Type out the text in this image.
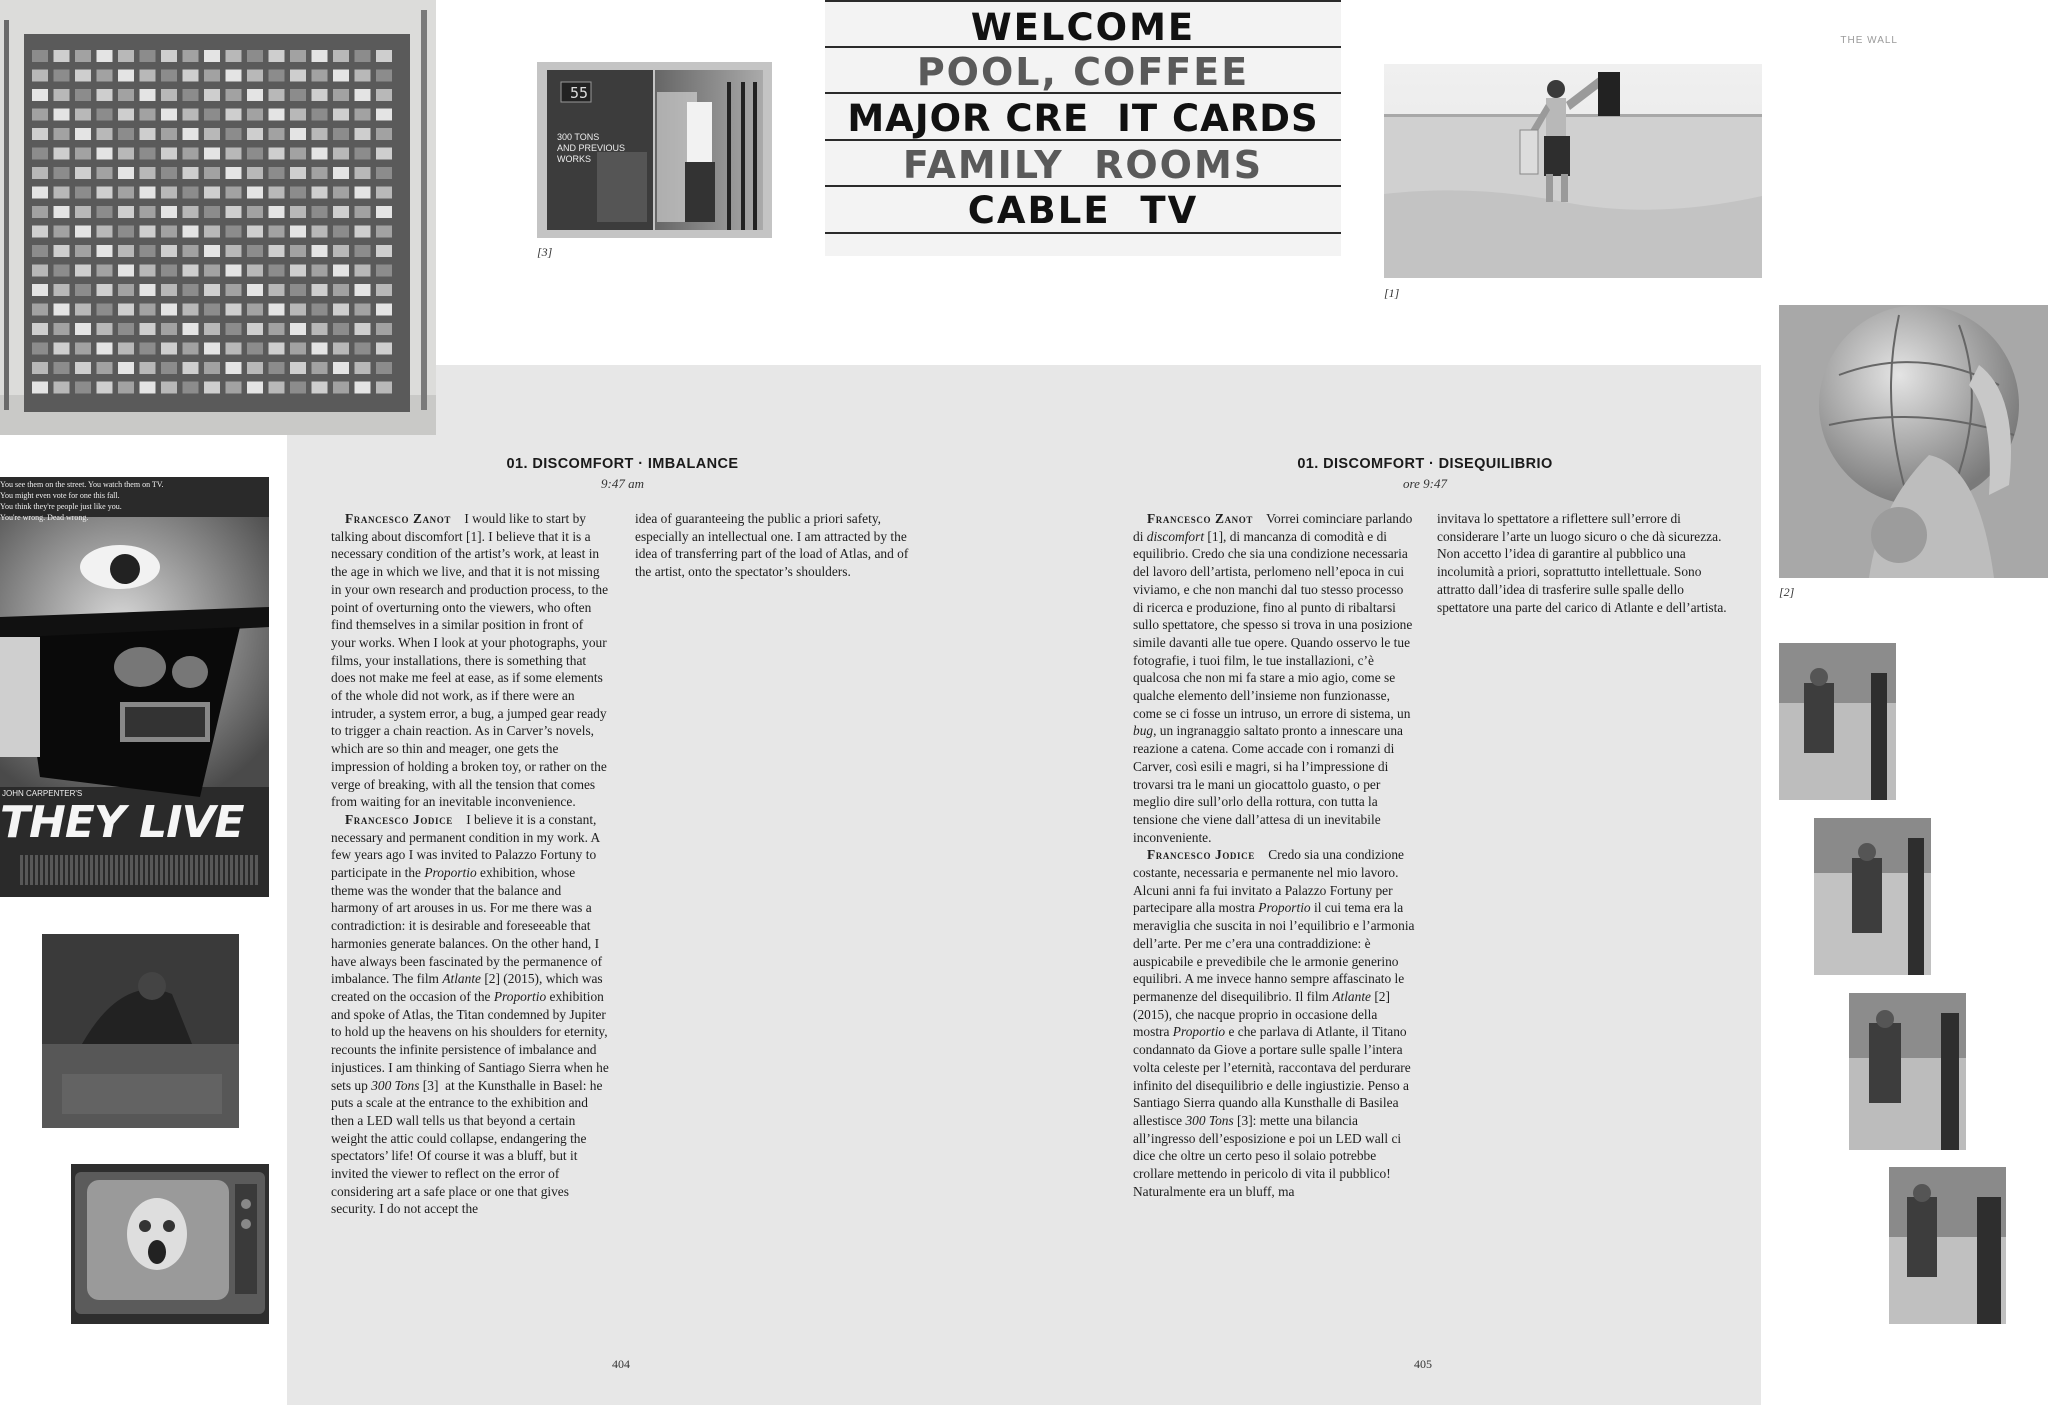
THE WALL
55
300 TONS
AND PREVIOUS
WORKS
[3]
WELCOME
POOL, COFFEE
MAJOR CRE  IT CARDS
FAMILY  ROOMS
CABLE  TV
[1]
[2]
You see them on the street. You watch them on TV.
You might even vote for one this fall.
You think they're people just like you.
You're wrong. Dead wrong.
JOHN CARPENTER'S
THEY LIVE
01. DISCOMFORT · IMBALANCE
9:47 am

Francesco Zanot    I would like to start by talking about discomfort [1]. I believe that it is a necessary condition of the artist’s work, at least in the age in which we live, and that it is not missing in your own research and production process, to the point of overturning onto the viewers, who often find themselves in a similar position in front of your works. When I look at your photographs, your films, your installations, there is something that does not make me feel at ease, as if some elements of the whole did not work, as if there were an intruder, a system error, a bug, a jumped gear ready to trigger a chain reaction. As in Carver’s novels, which are so thin and meager, one gets the impression of holding a broken toy, or rather on the verge of breaking, with all the tension that comes from waiting for an inevitable inconvenience.

Francesco Jodice    I believe it is a constant, necessary and permanent condition in my work. A few years ago I was invited to Palazzo Fortuny to participate in the Proportio exhibition, whose theme was the wonder that the balance and harmony of art arouses in us. For me there was a contradiction: it is desirable and foreseeable that harmonies generate balances. On the other hand, I have always been fascinated by the permanence of imbalance. The film Atlante [2] (2015), which was created on the occasion of the Proportio exhibition and spoke of Atlas, the Titan condemned by Jupiter to hold up the heavens on his shoulders for eternity, recounts the infinite persistence of imbalance and injustices. I am thinking of Santiago Sierra when he sets up 300 Tons [3]  at the Kunsthalle in Basel: he puts a scale at the entrance to the exhibition and then a LED wall tells us that beyond a certain weight the attic could collapse, endangering the spectators’ life! Of course it was a bluff, but it invited the viewer to reflect on the error of considering art a safe place or one that gives security. I do not accept the

idea of guaranteeing the public a priori safety, especially an intellectual one. I am attracted by the idea of transferring part of the load of Atlas, and of the artist, onto the spectator’s shoulders.

404
01. DISCOMFORT · DISEQUILIBRIO
ore 9:47

Francesco Zanot    Vorrei cominciare parlando di discomfort [1], di mancanza di comodità e di equilibrio. Credo che sia una condizione necessaria del lavoro dell’artista, perlomeno nell’epoca in cui viviamo, e che non manchi dal tuo stesso processo di ricerca e produzione, fino al punto di ribaltarsi sullo spettatore, che spesso si trova in una posizione simile davanti alle tue opere. Quando osservo le tue fotografie, i tuoi film, le tue installazioni, c’è qualcosa che non mi fa stare a mio agio, come se qualche elemento dell’insieme non funzionasse, come se ci fosse un intruso, un errore di sistema, un bug, un ingranaggio saltato pronto a innescare una reazione a catena. Come accade con i romanzi di Carver, così esili e magri, si ha l’impressione di trovarsi tra le mani un giocattolo guasto, o per meglio dire sull’orlo della rottura, con tutta la tensione che viene dall’attesa di un inevitabile inconveniente.

Francesco Jodice    Credo sia una condizione costante, necessaria e permanente nel mio lavoro. Alcuni anni fa fui invitato a Palazzo Fortuny per partecipare alla mostra Proportio il cui tema era la meraviglia che suscita in noi l’equilibrio e l’armonia dell’arte. Per me c’era una contraddizione: è auspicabile e prevedibile che le armonie generino equilibri. A me invece hanno sempre affascinato le permanenze del disequilibrio. Il film Atlante [2] (2015), che nacque proprio in occasione della mostra Proportio e che parlava di Atlante, il Titano condannato da Giove a portare sulle spalle l’intera volta celeste per l’eternità, raccontava del perdurare infinito del disequilibrio e delle ingiustizie. Penso a Santiago Sierra quando alla Kunsthalle di Basilea allestisce 300 Tons [3]: mette una bilancia all’ingresso dell’esposizione e poi un LED wall ci dice che oltre un certo peso il solaio potrebbe crollare mettendo in pericolo di vita il pubblico! Naturalmente era un bluff, ma

invitava lo spettatore a riflettere sull’errore di considerare l’arte un luogo sicuro o che dà sicurezza. Non accetto l’idea di garantire al pubblico una incolumità a priori, soprattutto intellettuale. Sono attratto dall’idea di trasferire sulle spalle dello spettatore una parte del carico di Atlante e dell’artista.

405
